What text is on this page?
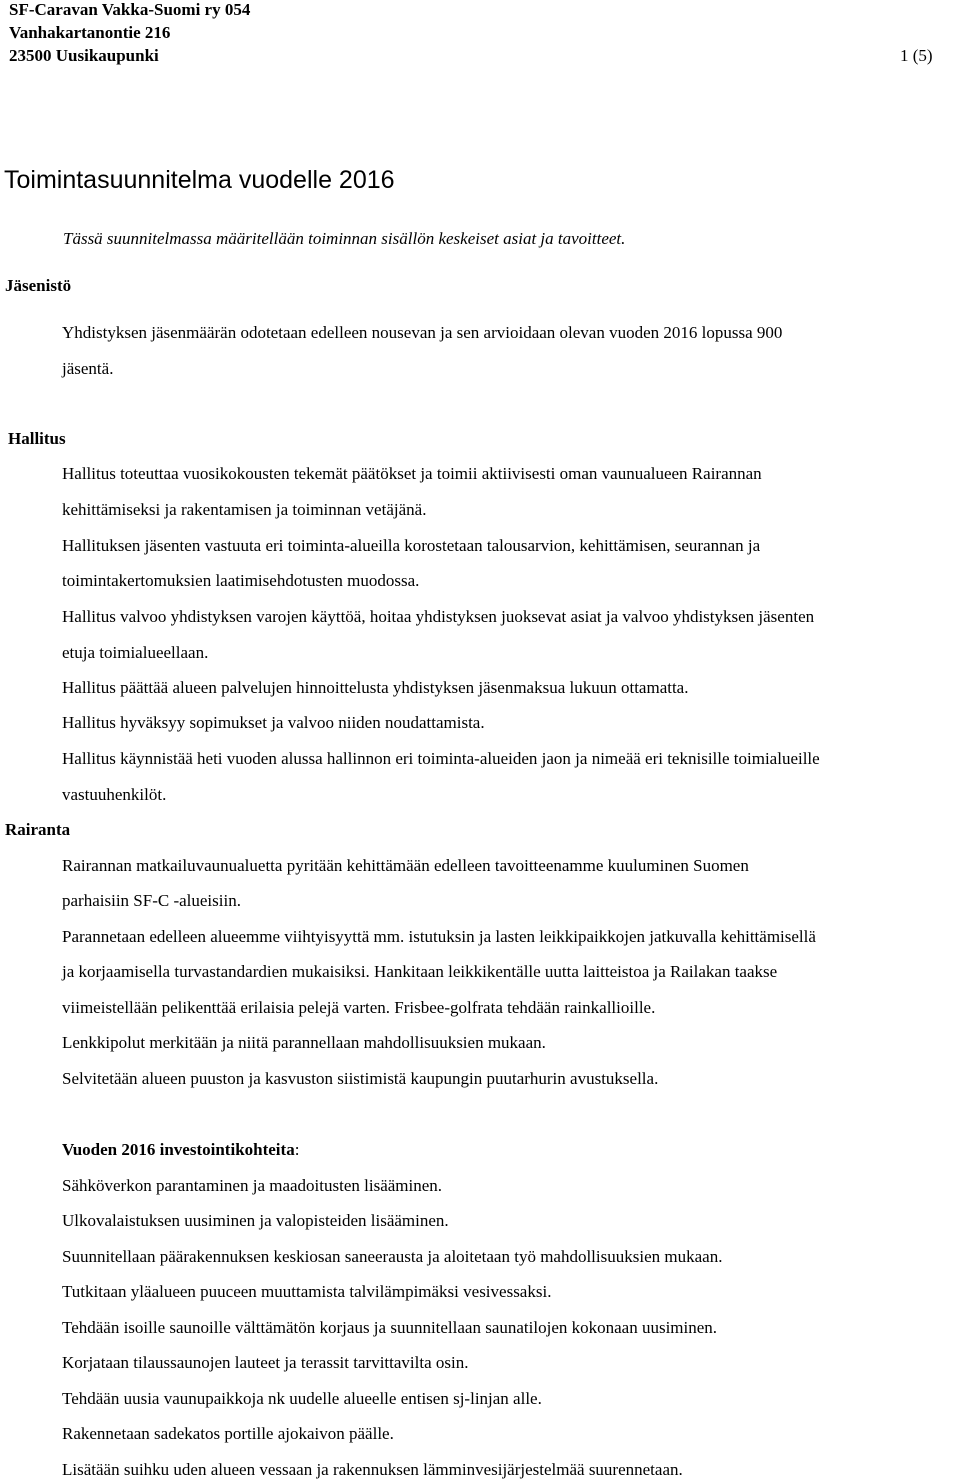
SF-Caravan Vakka-Suomi ry 054
Vanhakartanontie 216
23500 Uusikaupunki	1 (5)
Toimintasuunnitelma vuodelle 2016
Tässä suunnitelmassa määritellään toiminnan sisällön keskeiset asiat ja tavoitteet.
Jäsenistö
Yhdistyksen jäsenmäärän odotetaan edelleen nousevan ja sen arvioidaan olevan vuoden 2016 lopussa 900
jäsentä.
Hallitus
Hallitus toteuttaa vuosikokousten tekemät päätökset ja toimii aktiivisesti oman vaunualueen Rairannan
kehittämiseksi ja rakentamisen ja toiminnan vetäjänä.
Hallituksen jäsenten vastuuta eri toiminta-alueilla korostetaan talousarvion, kehittämisen, seurannan ja
toimintakertomuksien laatimisehdotusten muodossa.
Hallitus valvoo yhdistyksen varojen käyttöä, hoitaa yhdistyksen juoksevat asiat ja valvoo yhdistyksen jäsenten
etuja toimialueellaan.
Hallitus päättää alueen palvelujen hinnoittelusta yhdistyksen jäsenmaksua lukuun ottamatta.
Hallitus hyväksyy sopimukset ja valvoo niiden noudattamista.
Hallitus käynnistää heti vuoden alussa hallinnon eri toiminta-alueiden jaon ja nimeää eri teknisille toimialueille
vastuuhenkilöt.
Rairanta
Rairannan matkailuvaunualuetta pyritään kehittämään edelleen tavoitteenamme kuuluminen Suomen
parhaisiin SF-C -alueisiin.
Parannetaan edelleen alueemme viihtyisyyttä mm. istutuksin ja lasten leikkipaikkojen jatkuvalla kehittämisellä
ja korjaamisella turvastandardien mukaisiksi. Hankitaan leikkikentälle uutta laitteistoa ja Railakan taakse
viimeistellään pelikenttää erilaisia pelejä varten. Frisbee-golfrata tehdään rainkallioille.
Lenkkipolut merkitään ja niitä parannellaan mahdollisuuksien mukaan.
Selvitetään alueen puuston ja kasvuston siistimistä kaupungin puutarhurin avustuksella.
Vuoden 2016 investointikohteita:
Sähköverkon parantaminen ja maadoitusten lisääminen.
Ulkovalaistuksen uusiminen ja valopisteiden lisääminen.
Suunnitellaan päärakennuksen keskiosan saneerausta ja aloitetaan työ mahdollisuuksien mukaan.
Tutkitaan yläalueen puuceen muuttamista talvilämpimäksi vesivessaksi.
Tehdään isoille saunoille välttämätön korjaus ja suunnitellaan saunatilojen kokonaan uusiminen.
Korjataan tilaussaunojen lauteet ja terassit tarvittavilta osin.
Tehdään uusia vaunupaikkoja nk uudelle alueelle entisen sj-linjan alle.
Rakennetaan sadekatos portille ajokaivon päälle.
Lisätään suihku uden alueen vessaan ja rakennuksen lämminvesijärjestelmää suurennetaan.
